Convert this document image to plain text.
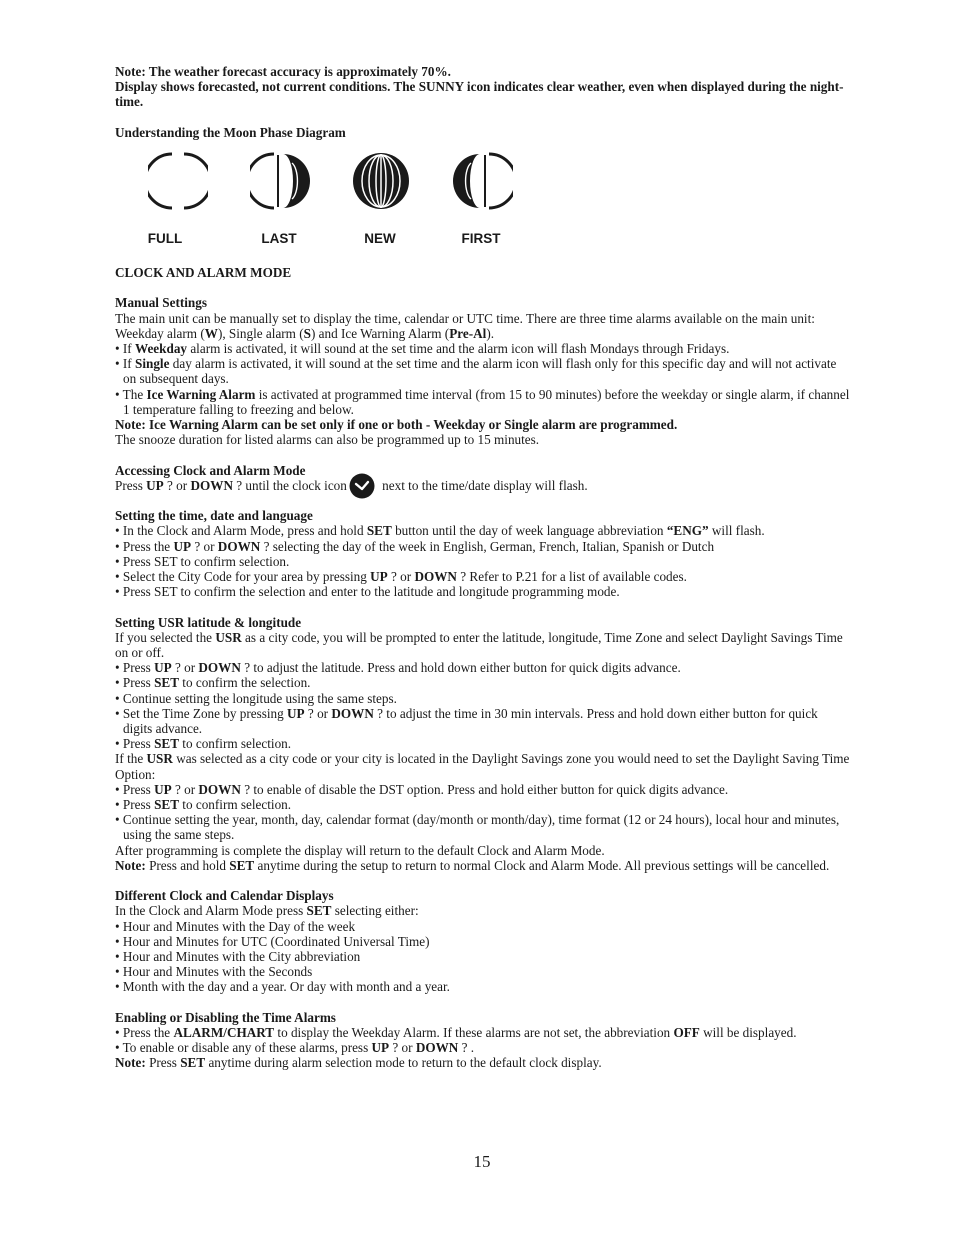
Note: The weather forecast accuracy is approximately 70%.

Display shows forecasted, not current conditions. The SUNNY icon indicates clear weather, even when displayed during the night-time.

Understanding the Moon Phase Diagram

FULL	LAST	NEW	FIRST

CLOCK AND ALARM MODE

Manual Settings

The main unit can be manually set to display the time, calendar or UTC time. There are three time alarms available on the main unit: Weekday alarm (W), Single alarm (S) and Ice Warning Alarm (Pre-Al).

• If Weekday alarm is activated, it will sound at the set time and the alarm icon will flash Mondays through Fridays.

• If Single day alarm is activated, it will sound at the set time and the alarm icon will flash only for this specific day and will not activate on subsequent days.

• The Ice Warning Alarm is activated at programmed time interval (from 15 to 90 minutes) before the weekday or single alarm, if channel 1 temperature falling to freezing and below.

Note: Ice Warning Alarm can be set only if one or both - Weekday or Single alarm are programmed.

The snooze duration for listed alarms can also be programmed up to 15 minutes.

Accessing Clock and Alarm Mode

Press UP ? or DOWN ? until the clock icon next to the time/date display will flash.

Setting the time, date and language

• In the Clock and Alarm Mode, press and hold SET button until the day of week language abbreviation “ENG” will flash.

• Press the UP ? or DOWN ? selecting the day of the week in English, German, French, Italian, Spanish or Dutch

• Press SET to confirm selection.

• Select the City Code for your area by pressing UP ? or DOWN ? Refer to P.21 for a list of available codes.

• Press SET to confirm the selection and enter to the latitude and longitude programming mode.

Setting USR latitude & longitude

If you selected the USR as a city code, you will be prompted to enter the latitude, longitude, Time Zone and select Daylight Savings Time on or off.

• Press UP ? or DOWN ? to adjust the latitude. Press and hold down either button for quick digits advance.

• Press SET to confirm the selection.

• Continue setting the longitude using the same steps.

• Set the Time Zone by pressing UP ? or DOWN ? to adjust the time in 30 min intervals. Press and hold down either button for quick digits advance.

• Press SET to confirm selection.

If the USR was selected as a city code or your city is located in the Daylight Savings zone you would need to set the Daylight Saving Time Option:

• Press UP ? or DOWN ? to enable of disable the DST option. Press and hold either button for quick digits advance.

• Press SET to confirm selection.

• Continue setting the year, month, day, calendar format (day/month or month/day), time format (12 or 24 hours), local hour and minutes, using the same steps.

After programming is complete the display will return to the default Clock and Alarm Mode.

Note: Press and hold SET anytime during the setup to return to normal Clock and Alarm Mode. All previous settings will be cancelled.

Different Clock and Calendar Displays

In the Clock and Alarm Mode press SET selecting either:

• Hour and Minutes with the Day of the week

• Hour and Minutes for UTC (Coordinated Universal Time)

• Hour and Minutes with the City abbreviation

• Hour and Minutes with the Seconds

• Month with the day and a year. Or day with month and a year.

Enabling or Disabling the Time Alarms

• Press the ALARM/CHART to display the Weekday Alarm. If these alarms are not set, the abbreviation OFF will be displayed.

• To enable or disable any of these alarms, press UP ? or DOWN ? .

Note: Press SET anytime during alarm selection mode to return to the default clock display.

15
